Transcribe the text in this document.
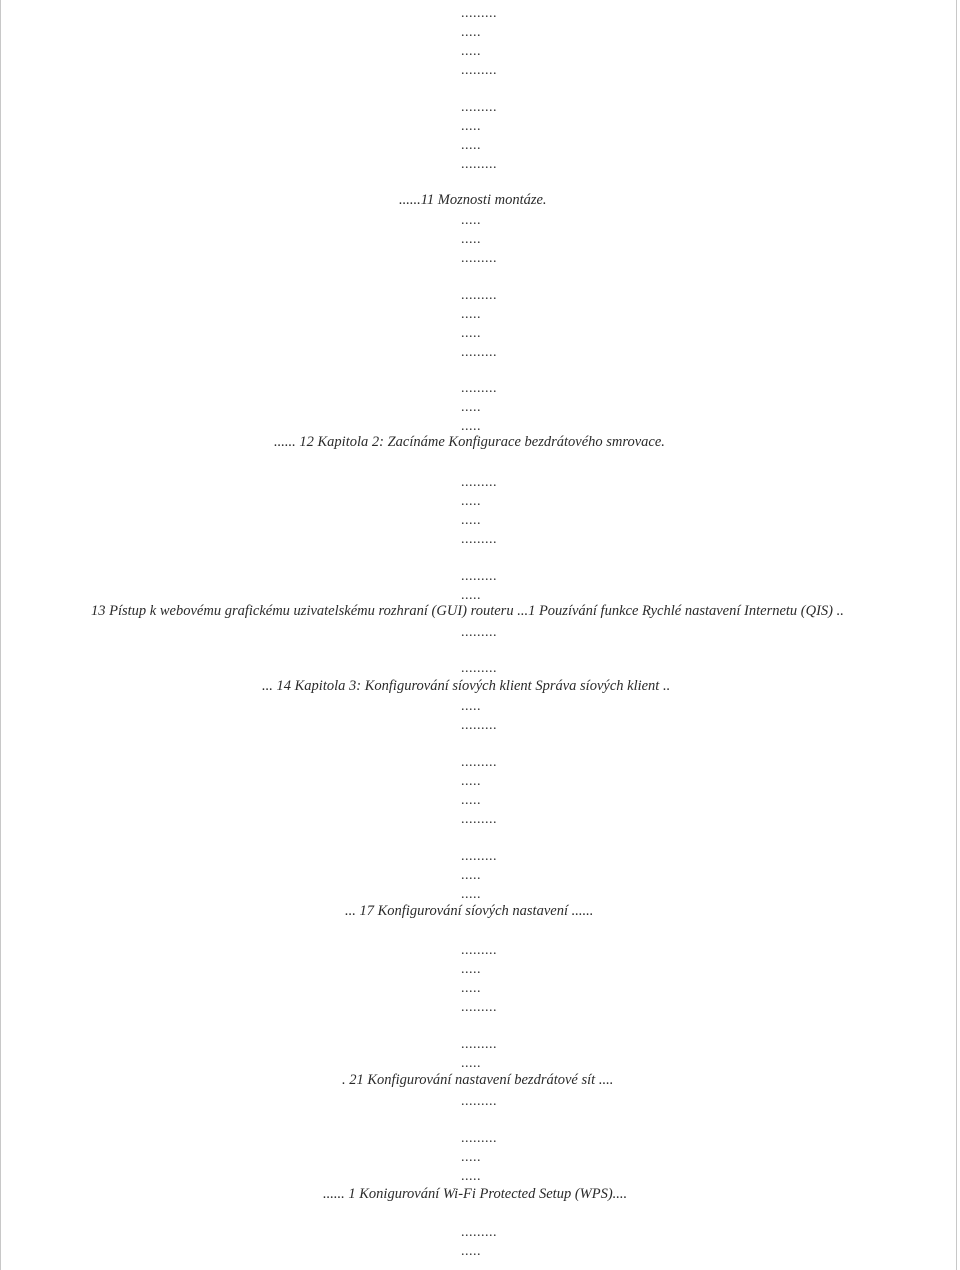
.........
.....
.....
.........
.........
.....
.....
.........
......11 Moznosti montáze.
.....
.....
.........
.........
.....
.....
.........
.........
.....
.....
...... 12 Kapitola 2: Zacínáme Konfigurace bezdrátového smrovace.
.........
.....
.....
.........
.........
.....
13 Pístup k webovému grafickému uzivatelskému rozhraní (GUI) routeru ...1 Pouzívání funkce Rychlé nastavení Internetu (QIS) ..
.........
.........
... 14 Kapitola 3: Konfigurování síových klient Správa síových klient ..
.....
.........
.........
.....
.....
.........
.........
.....
.....
... 17 Konfigurování síových nastavení ......
.........
.....
.....
.........
.........
.....
. 21 Konfigurování nastavení bezdrátové sít ....
.........
.........
.....
.....
...... 1 Konigurování Wi-Fi Protected Setup (WPS)....
.........
.....
